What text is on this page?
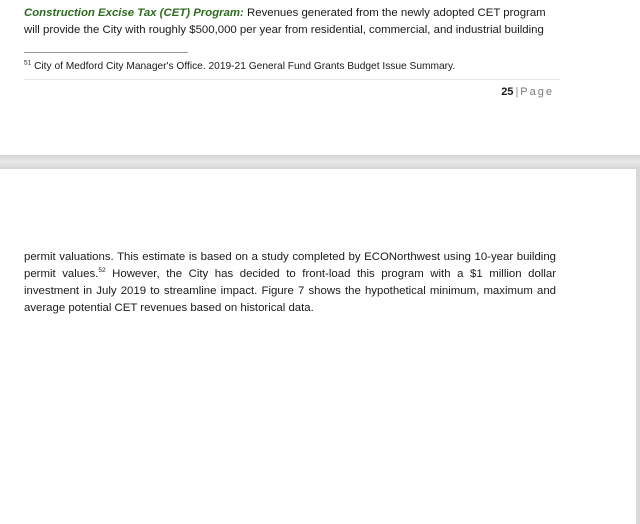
Construction Excise Tax (CET) Program: Revenues generated from the newly adopted CET program will provide the City with roughly $500,000 per year from residential, commercial, and industrial building

$^{51}$ City of Medford City Manager's Office. 2019-21 General Fund Grants Budget Issue Summary.

25 | Page

permit valuations. This estimate is based on a study completed by ECONorthwest using 10-year building permit values.$^{52}$ However, the City has decided to front-load this program with a $1 million dollar investment in July 2019 to streamline impact. Figure 7 shows the hypothetical minimum, maximum and average potential CET revenues based on historical data.
